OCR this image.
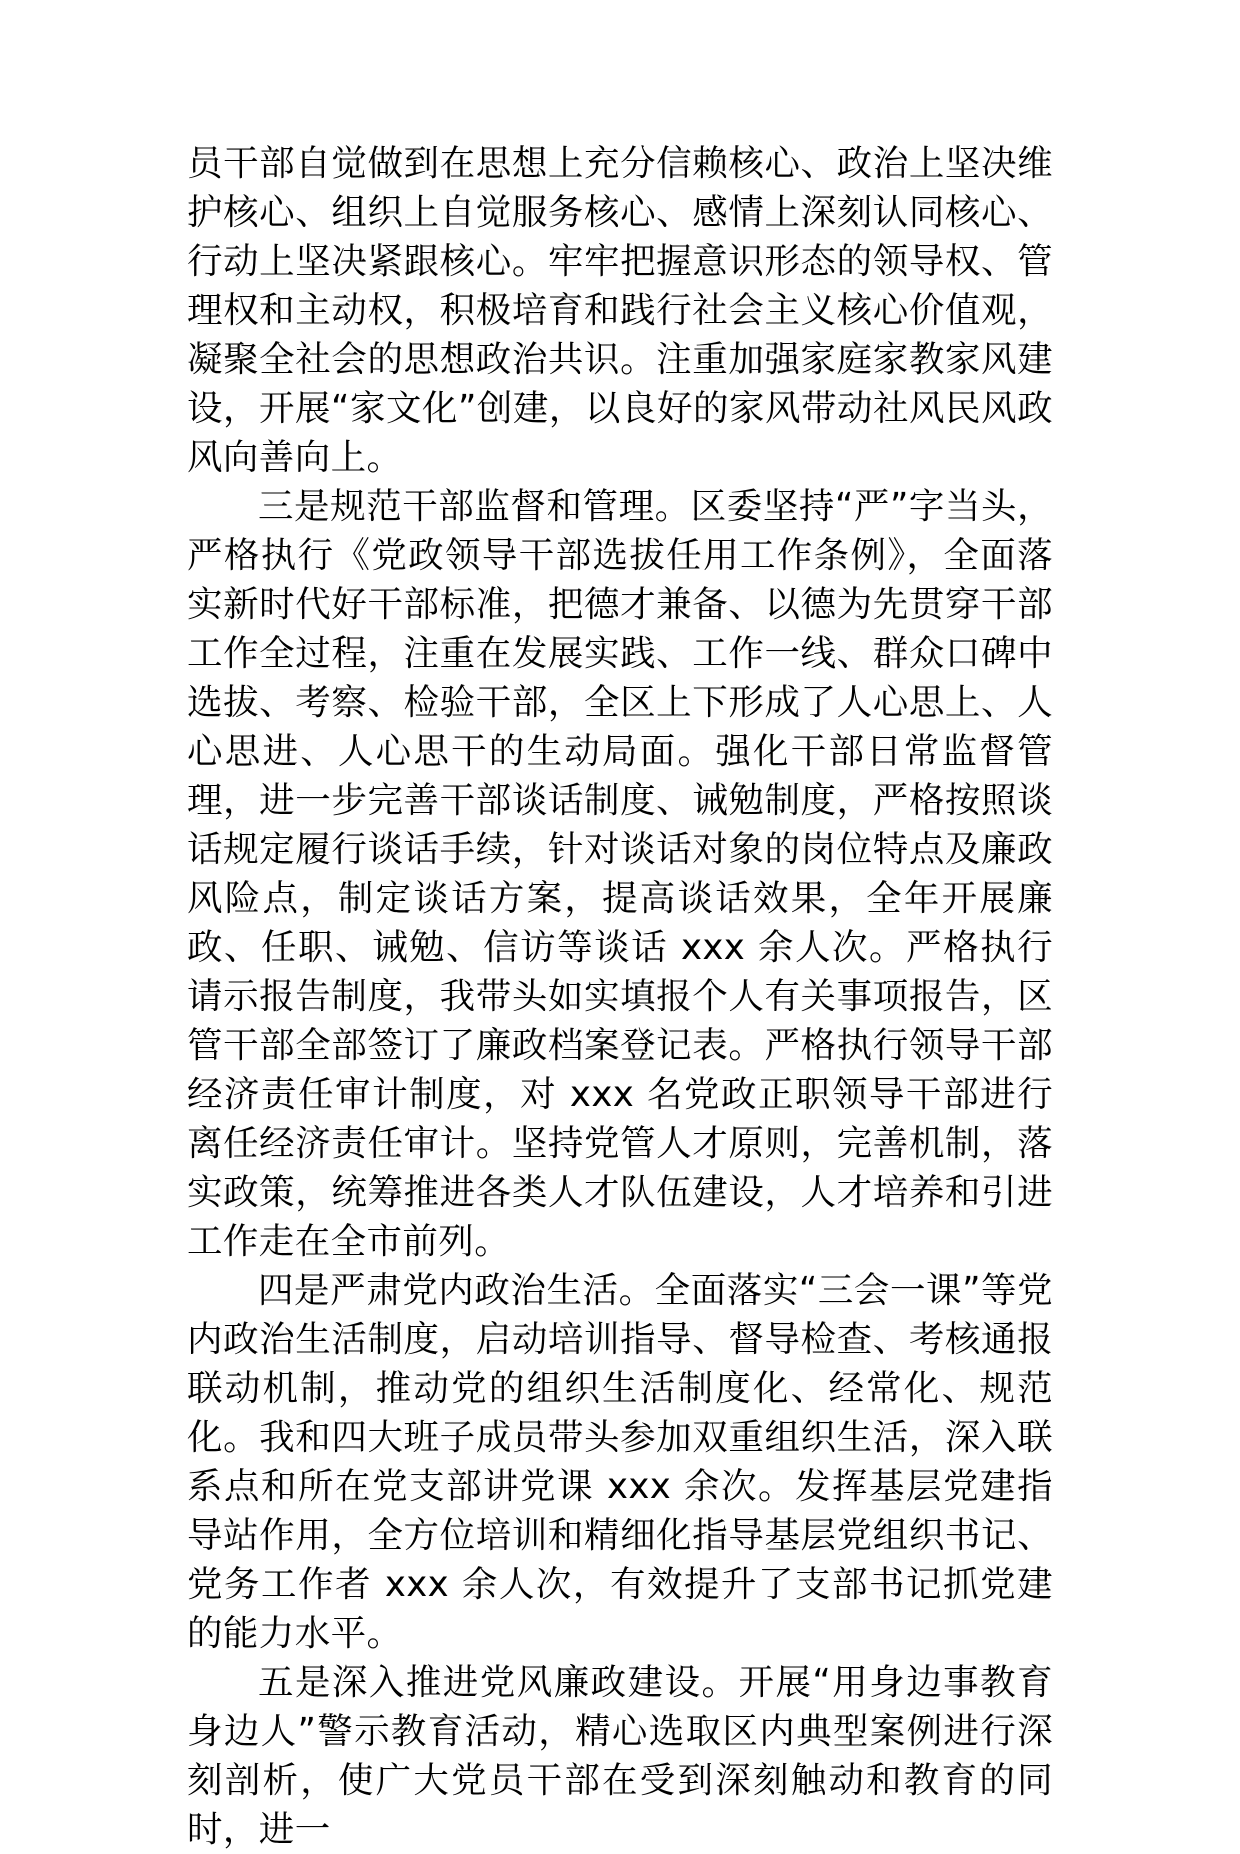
员干部自觉做到在思想上充分信赖核心、政治上坚决维护核心、组织上自觉服务核心、感情上深刻认同核心、行动上坚决紧跟核心。牢牢把握意识形态的领导权、管理权和主动权，积极培育和践行社会主义核心价值观，凝聚全社会的思想政治共识。注重加强家庭家教家风建设，开展“家文化”创建，以良好的家风带动社风民风政风向善向上。

三是规范干部监督和管理。区委坚持“严”字当头，严格执行《党政领导干部选拔任用工作条例》，全面落实新时代好干部标准，把德才兼备、以德为先贯穿干部工作全过程，注重在发展实践、工作一线、群众口碑中选拔、考察、检验干部，全区上下形成了人心思上、人心思进、人心思干的生动局面。强化干部日常监督管理，进一步完善干部谈话制度、诫勉制度，严格按照谈话规定履行谈话手续，针对谈话对象的岗位特点及廉政风险点，制定谈话方案，提高谈话效果，全年开展廉政、任职、诫勉、信访等谈话 xxx 余人次。严格执行请示报告制度，我带头如实填报个人有关事项报告，区管干部全部签订了廉政档案登记表。严格执行领导干部经济责任审计制度，对 xxx 名党政正职领导干部进行离任经济责任审计。坚持党管人才原则，完善机制，落实政策，统筹推进各类人才队伍建设，人才培养和引进工作走在全市前列。

四是严肃党内政治生活。全面落实“三会一课”等党内政治生活制度，启动培训指导、督导检查、考核通报联动机制，推动党的组织生活制度化、经常化、规范化。我和四大班子成员带头参加双重组织生活，深入联系点和所在党支部讲党课 xxx 余次。发挥基层党建指导站作用，全方位培训和精细化指导基层党组织书记、党务工作者 xxx 余人次，有效提升了支部书记抓党建的能力水平。

五是深入推进党风廉政建设。开展“用身边事教育身边人”警示教育活动，精心选取区内典型案例进行深刻剖析，使广大党员干部在受到深刻触动和教育的同时，进一
